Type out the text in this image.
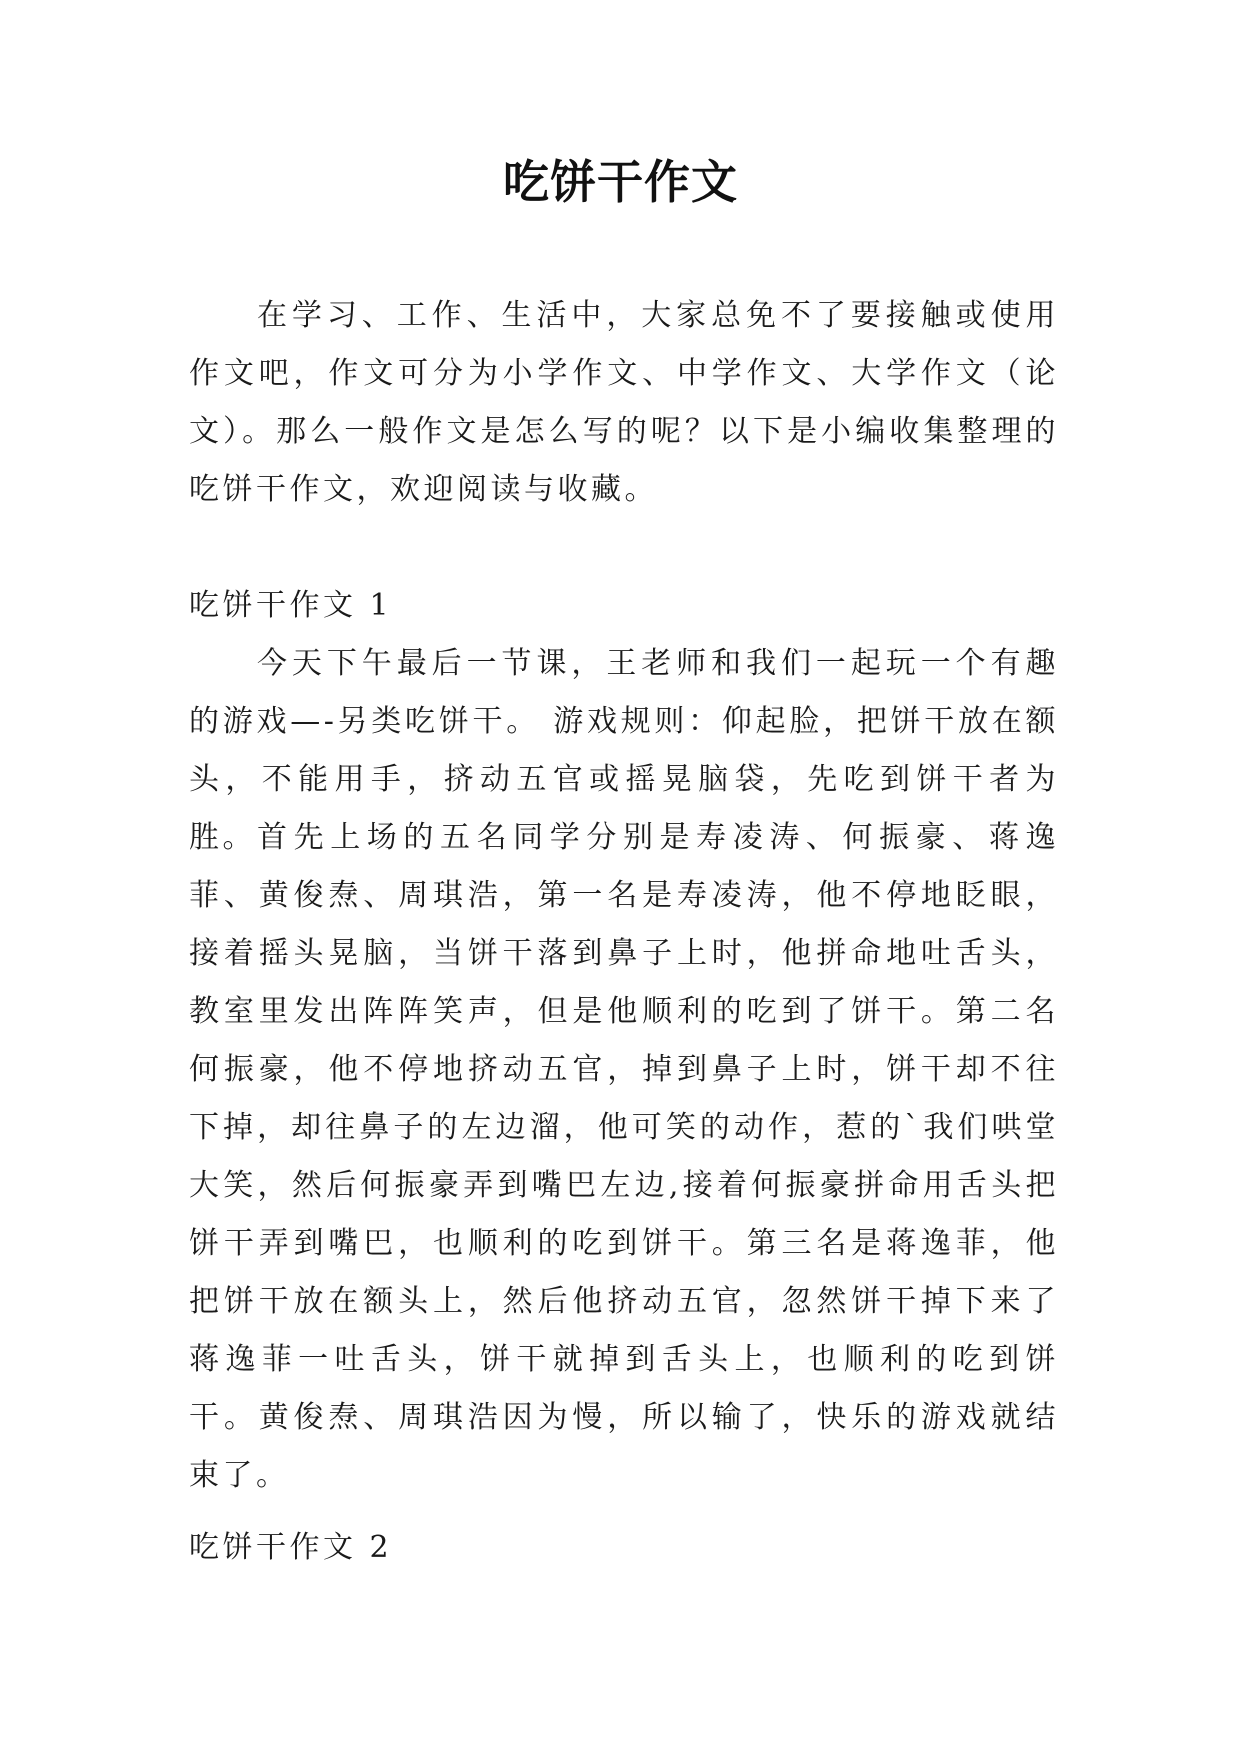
吃饼干作文

在学习、工作、生活中，大家总免不了要接触或使用作文吧，作文可分为小学作文、中学作文、大学作文（论文）。那么一般作文是怎么写的呢？以下是小编收集整理的吃饼干作文，欢迎阅读与收藏。

吃饼干作文 1

今天下午最后一节课，王老师和我们一起玩一个有趣的游戏—-另类吃饼干。 游戏规则：仰起脸，把饼干放在额头，不能用手，挤动五官或摇晃脑袋，先吃到饼干者为胜。 首先上场的五名同学分别是寿凌涛、何振豪、蒋逸菲、黄俊焘、周琪浩，第一名是寿凌涛，他不停地眨眼，接着摇头晃脑，当饼干落到鼻子上时，他拼命地吐舌头，教室里发出阵阵笑声，但是他顺利的吃到了饼干。第二名何振豪，他不停地挤动五官，掉到鼻子上时，饼干却不往下掉，却往鼻子的左边溜，他可笑的动作，惹的`我们哄堂大笑，然后何振豪弄到嘴巴左边,接着何振豪拼命用舌头把饼干弄到嘴巴，也顺利的吃到饼干。第三名是蒋逸菲，他把饼干放在额头上，然后他挤动五官，忽然饼干掉下来了蒋逸菲一吐舌头，饼干就掉到舌头上，也顺利的吃到饼干。黄俊焘、周琪浩因为慢，所以输了，快乐的游戏就结束了。

吃饼干作文 2
